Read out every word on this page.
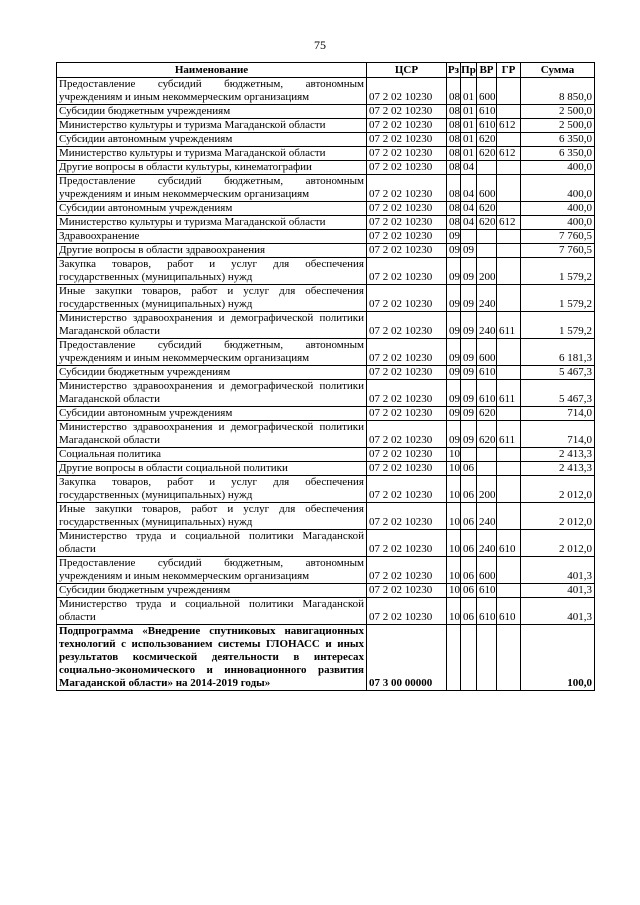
75
Наименование	ЦСР	Рз	Пр	ВР	ГР	Сумма
Предоставление субсидий бюджетным, автономным учреждениям и иным некоммерческим организациям	07 2 02 10230	08	01	600		8 850,0
Субсидии бюджетным учреждениям	07 2 02 10230	08	01	610		2 500,0
Министерство культуры и туризма Магаданской области	07 2 02 10230	08	01	610	612	2 500,0
Субсидии автономным учреждениям	07 2 02 10230	08	01	620		6 350,0
Министерство культуры и туризма Магаданской области	07 2 02 10230	08	01	620	612	6 350,0
Другие вопросы в области культуры, кинематографии	07 2 02 10230	08	04			400,0
Предоставление субсидий бюджетным, автономным учреждениям и иным некоммерческим организациям	07 2 02 10230	08	04	600		400,0
Субсидии автономным учреждениям	07 2 02 10230	08	04	620		400,0
Министерство культуры и туризма Магаданской области	07 2 02 10230	08	04	620	612	400,0
Здравоохранение	07 2 02 10230	09				7 760,5
Другие вопросы в области здравоохранения	07 2 02 10230	09	09			7 760,5
Закупка товаров, работ и услуг для обеспечения государственных (муниципальных) нужд	07 2 02 10230	09	09	200		1 579,2
Иные закупки товаров, работ и услуг для обеспечения государственных (муниципальных) нужд	07 2 02 10230	09	09	240		1 579,2
Министерство здравоохранения и демографической политики Магаданской области	07 2 02 10230	09	09	240	611	1 579,2
Предоставление субсидий бюджетным, автономным учреждениям и иным некоммерческим организациям	07 2 02 10230	09	09	600		6 181,3
Субсидии бюджетным учреждениям	07 2 02 10230	09	09	610		5 467,3
Министерство здравоохранения и демографической политики Магаданской области	07 2 02 10230	09	09	610	611	5 467,3
Субсидии автономным учреждениям	07 2 02 10230	09	09	620		714,0
Министерство здравоохранения и демографической политики Магаданской области	07 2 02 10230	09	09	620	611	714,0
Социальная политика	07 2 02 10230	10				2 413,3
Другие вопросы в области социальной политики	07 2 02 10230	10	06			2 413,3
Закупка товаров, работ и услуг для обеспечения государственных (муниципальных) нужд	07 2 02 10230	10	06	200		2 012,0
Иные закупки товаров, работ и услуг для обеспечения государственных (муниципальных) нужд	07 2 02 10230	10	06	240		2 012,0
Министерство труда и социальной политики Магаданской области	07 2 02 10230	10	06	240	610	2 012,0
Предоставление субсидий бюджетным, автономным учреждениям и иным некоммерческим организациям	07 2 02 10230	10	06	600		401,3
Субсидии бюджетным учреждениям	07 2 02 10230	10	06	610		401,3
Министерство труда и социальной политики Магаданской области	07 2 02 10230	10	06	610	610	401,3
Подпрограмма «Внедрение спутниковых навигационных технологий с использованием системы ГЛОНАСС и иных результатов космической деятельности в интересах социально-экономического и инновационного развития Магаданской области» на 2014-2019 годы»	07 3 00 00000					100,0
